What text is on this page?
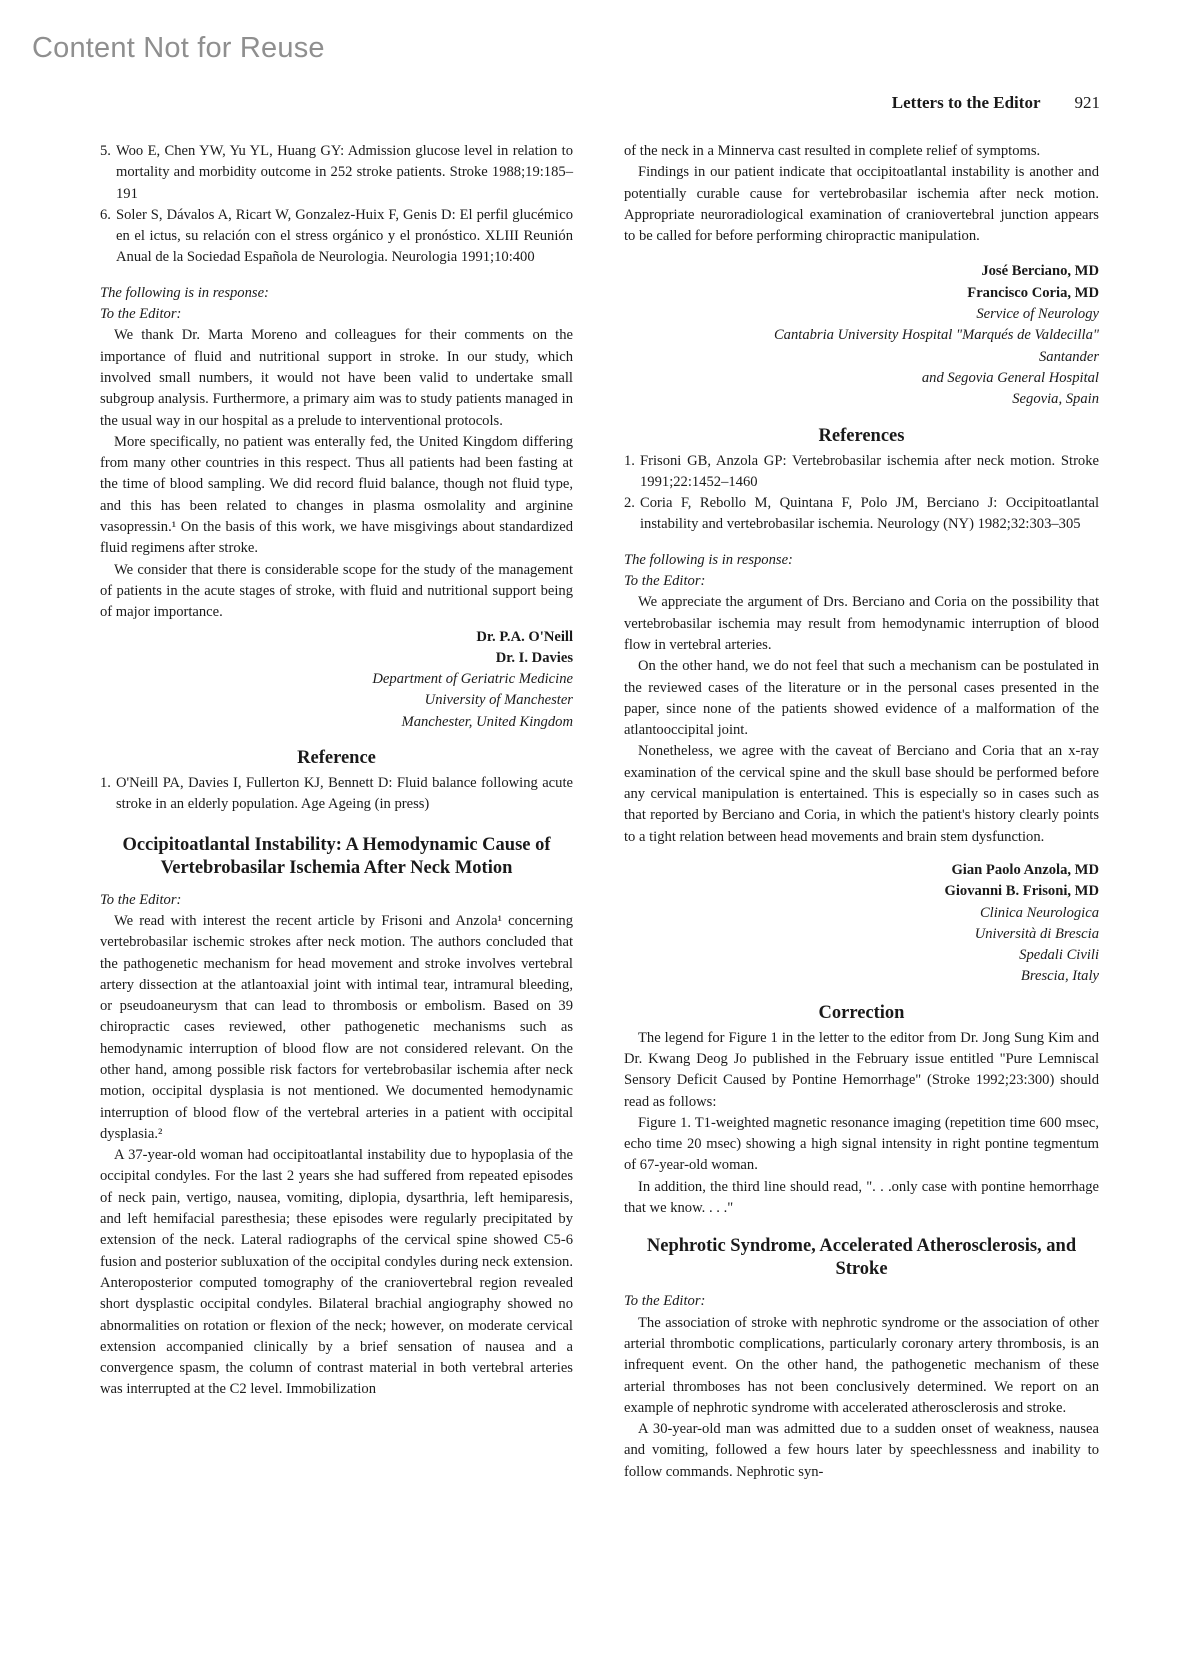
Content Not for Reuse
Letters to the Editor 921
5. Woo E, Chen YW, Yu YL, Huang GY: Admission glucose level in relation to mortality and morbidity outcome in 252 stroke patients. Stroke 1988;19:185–191
6. Soler S, Dávalos A, Ricart W, Gonzalez-Huix F, Genis D: El perfil glucémico en el ictus, su relación con el stress orgánico y el pronóstico. XLIII Reunión Anual de la Sociedad Española de Neurologia. Neurologia 1991;10:400
The following is in response:
To the Editor:

We thank Dr. Marta Moreno and colleagues for their comments on the importance of fluid and nutritional support in stroke. In our study, which involved small numbers, it would not have been valid to undertake small subgroup analysis. Furthermore, a primary aim was to study patients managed in the usual way in our hospital as a prelude to interventional protocols.

More specifically, no patient was enterally fed, the United Kingdom differing from many other countries in this respect. Thus all patients had been fasting at the time of blood sampling. We did record fluid balance, though not fluid type, and this has been related to changes in plasma osmolality and arginine vasopressin.¹ On the basis of this work, we have misgivings about standardized fluid regimens after stroke.

We consider that there is considerable scope for the study of the management of patients in the acute stages of stroke, with fluid and nutritional support being of major importance.

Dr. P.A. O'Neill
Dr. I. Davies
Department of Geriatric Medicine
University of Manchester
Manchester, United Kingdom
Reference
1. O'Neill PA, Davies I, Fullerton KJ, Bennett D: Fluid balance following acute stroke in an elderly population. Age Ageing (in press)
Occipitoatlantal Instability: A Hemodynamic Cause of Vertebrobasilar Ischemia After Neck Motion
To the Editor:

We read with interest the recent article by Frisoni and Anzola¹ concerning vertebrobasilar ischemic strokes after neck motion. The authors concluded that the pathogenetic mechanism for head movement and stroke involves vertebral artery dissection at the atlantoaxial joint with intimal tear, intramural bleeding, or pseudoaneurysm that can lead to thrombosis or embolism. Based on 39 chiropractic cases reviewed, other pathogenetic mechanisms such as hemodynamic interruption of blood flow are not considered relevant. On the other hand, among possible risk factors for vertebrobasilar ischemia after neck motion, occipital dysplasia is not mentioned. We documented hemodynamic interruption of blood flow of the vertebral arteries in a patient with occipital dysplasia.²

A 37-year-old woman had occipitoatlantal instability due to hypoplasia of the occipital condyles. For the last 2 years she had suffered from repeated episodes of neck pain, vertigo, nausea, vomiting, diplopia, dysarthria, left hemiparesis, and left hemifacial paresthesia; these episodes were regularly precipitated by extension of the neck. Lateral radiographs of the cervical spine showed C5-6 fusion and posterior subluxation of the occipital condyles during neck extension. Anteroposterior computed tomography of the craniovertebral region revealed short dysplastic occipital condyles. Bilateral brachial angiography showed no abnormalities on rotation or flexion of the neck; however, on moderate cervical extension accompanied clinically by a brief sensation of nausea and a convergence spasm, the column of contrast material in both vertebral arteries was interrupted at the C2 level. Immobilization

of the neck in a Minnerva cast resulted in complete relief of symptoms.

Findings in our patient indicate that occipitoatlantal instability is another and potentially curable cause for vertebrobasilar ischemia after neck motion. Appropriate neuroradiological examination of craniovertebral junction appears to be called for before performing chiropractic manipulation.

José Berciano, MD
Francisco Coria, MD
Service of Neurology
Cantabria University Hospital "Marqués de Valdecilla"
Santander
and Segovia General Hospital
Segovia, Spain
References
1. Frisoni GB, Anzola GP: Vertebrobasilar ischemia after neck motion. Stroke 1991;22:1452–1460
2. Coria F, Rebollo M, Quintana F, Polo JM, Berciano J: Occipitoatlantal instability and vertebrobasilar ischemia. Neurology (NY) 1982;32:303–305
The following is in response:
To the Editor:

We appreciate the argument of Drs. Berciano and Coria on the possibility that vertebrobasilar ischemia may result from hemodynamic interruption of blood flow in vertebral arteries.

On the other hand, we do not feel that such a mechanism can be postulated in the reviewed cases of the literature or in the personal cases presented in the paper, since none of the patients showed evidence of a malformation of the atlantooccipital joint.

Nonetheless, we agree with the caveat of Berciano and Coria that an x-ray examination of the cervical spine and the skull base should be performed before any cervical manipulation is entertained. This is especially so in cases such as that reported by Berciano and Coria, in which the patient's history clearly points to a tight relation between head movements and brain stem dysfunction.

Gian Paolo Anzola, MD
Giovanni B. Frisoni, MD
Clinica Neurologica
Università di Brescia
Spedali Civili
Brescia, Italy
Correction

The legend for Figure 1 in the letter to the editor from Dr. Jong Sung Kim and Dr. Kwang Deog Jo published in the February issue entitled "Pure Lemniscal Sensory Deficit Caused by Pontine Hemorrhage" (Stroke 1992;23:300) should read as follows:

Figure 1. T1-weighted magnetic resonance imaging (repetition time 600 msec, echo time 20 msec) showing a high signal intensity in right pontine tegmentum of 67-year-old woman.

In addition, the third line should read, ". . .only case with pontine hemorrhage that we know. . . ."

Nephrotic Syndrome, Accelerated Atherosclerosis, and Stroke
To the Editor:

The association of stroke with nephrotic syndrome or the association of other arterial thrombotic complications, particularly coronary artery thrombosis, is an infrequent event. On the other hand, the pathogenetic mechanism of these arterial thromboses has not been conclusively determined. We report on an example of nephrotic syndrome with accelerated atherosclerosis and stroke.

A 30-year-old man was admitted due to a sudden onset of weakness, nausea and vomiting, followed a few hours later by speechlessness and inability to follow commands. Nephrotic syn-
